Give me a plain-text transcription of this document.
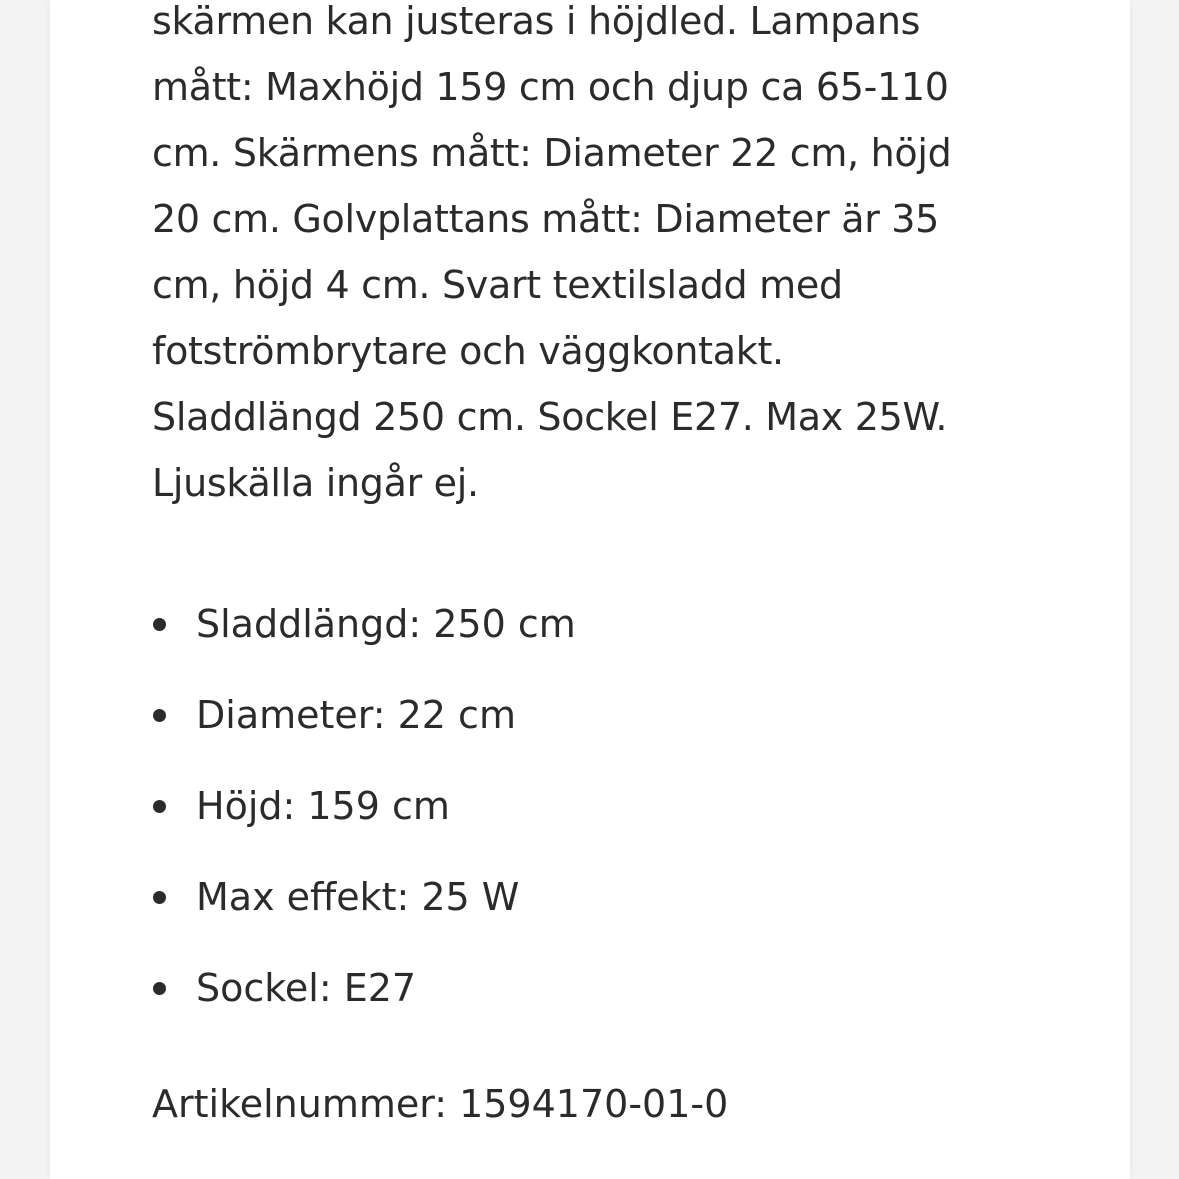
skärmen kan justeras i höjdled. Lampans
mått: Maxhöjd 159 cm och djup ca 65-110
cm. Skärmens mått: Diameter 22 cm, höjd
20 cm. Golvplattans mått: Diameter är 35
cm, höjd 4 cm. Svart textilsladd med
fotströmbrytare och väggkontakt.
Sladdlängd 250 cm. Sockel E27. Max 25W.
Ljuskälla ingår ej.

Sladdlängd: 250 cm
Diameter: 22 cm
Höjd: 159 cm
Max effekt: 25 W
Sockel: E27

Artikelnummer: 1594170-01-0
